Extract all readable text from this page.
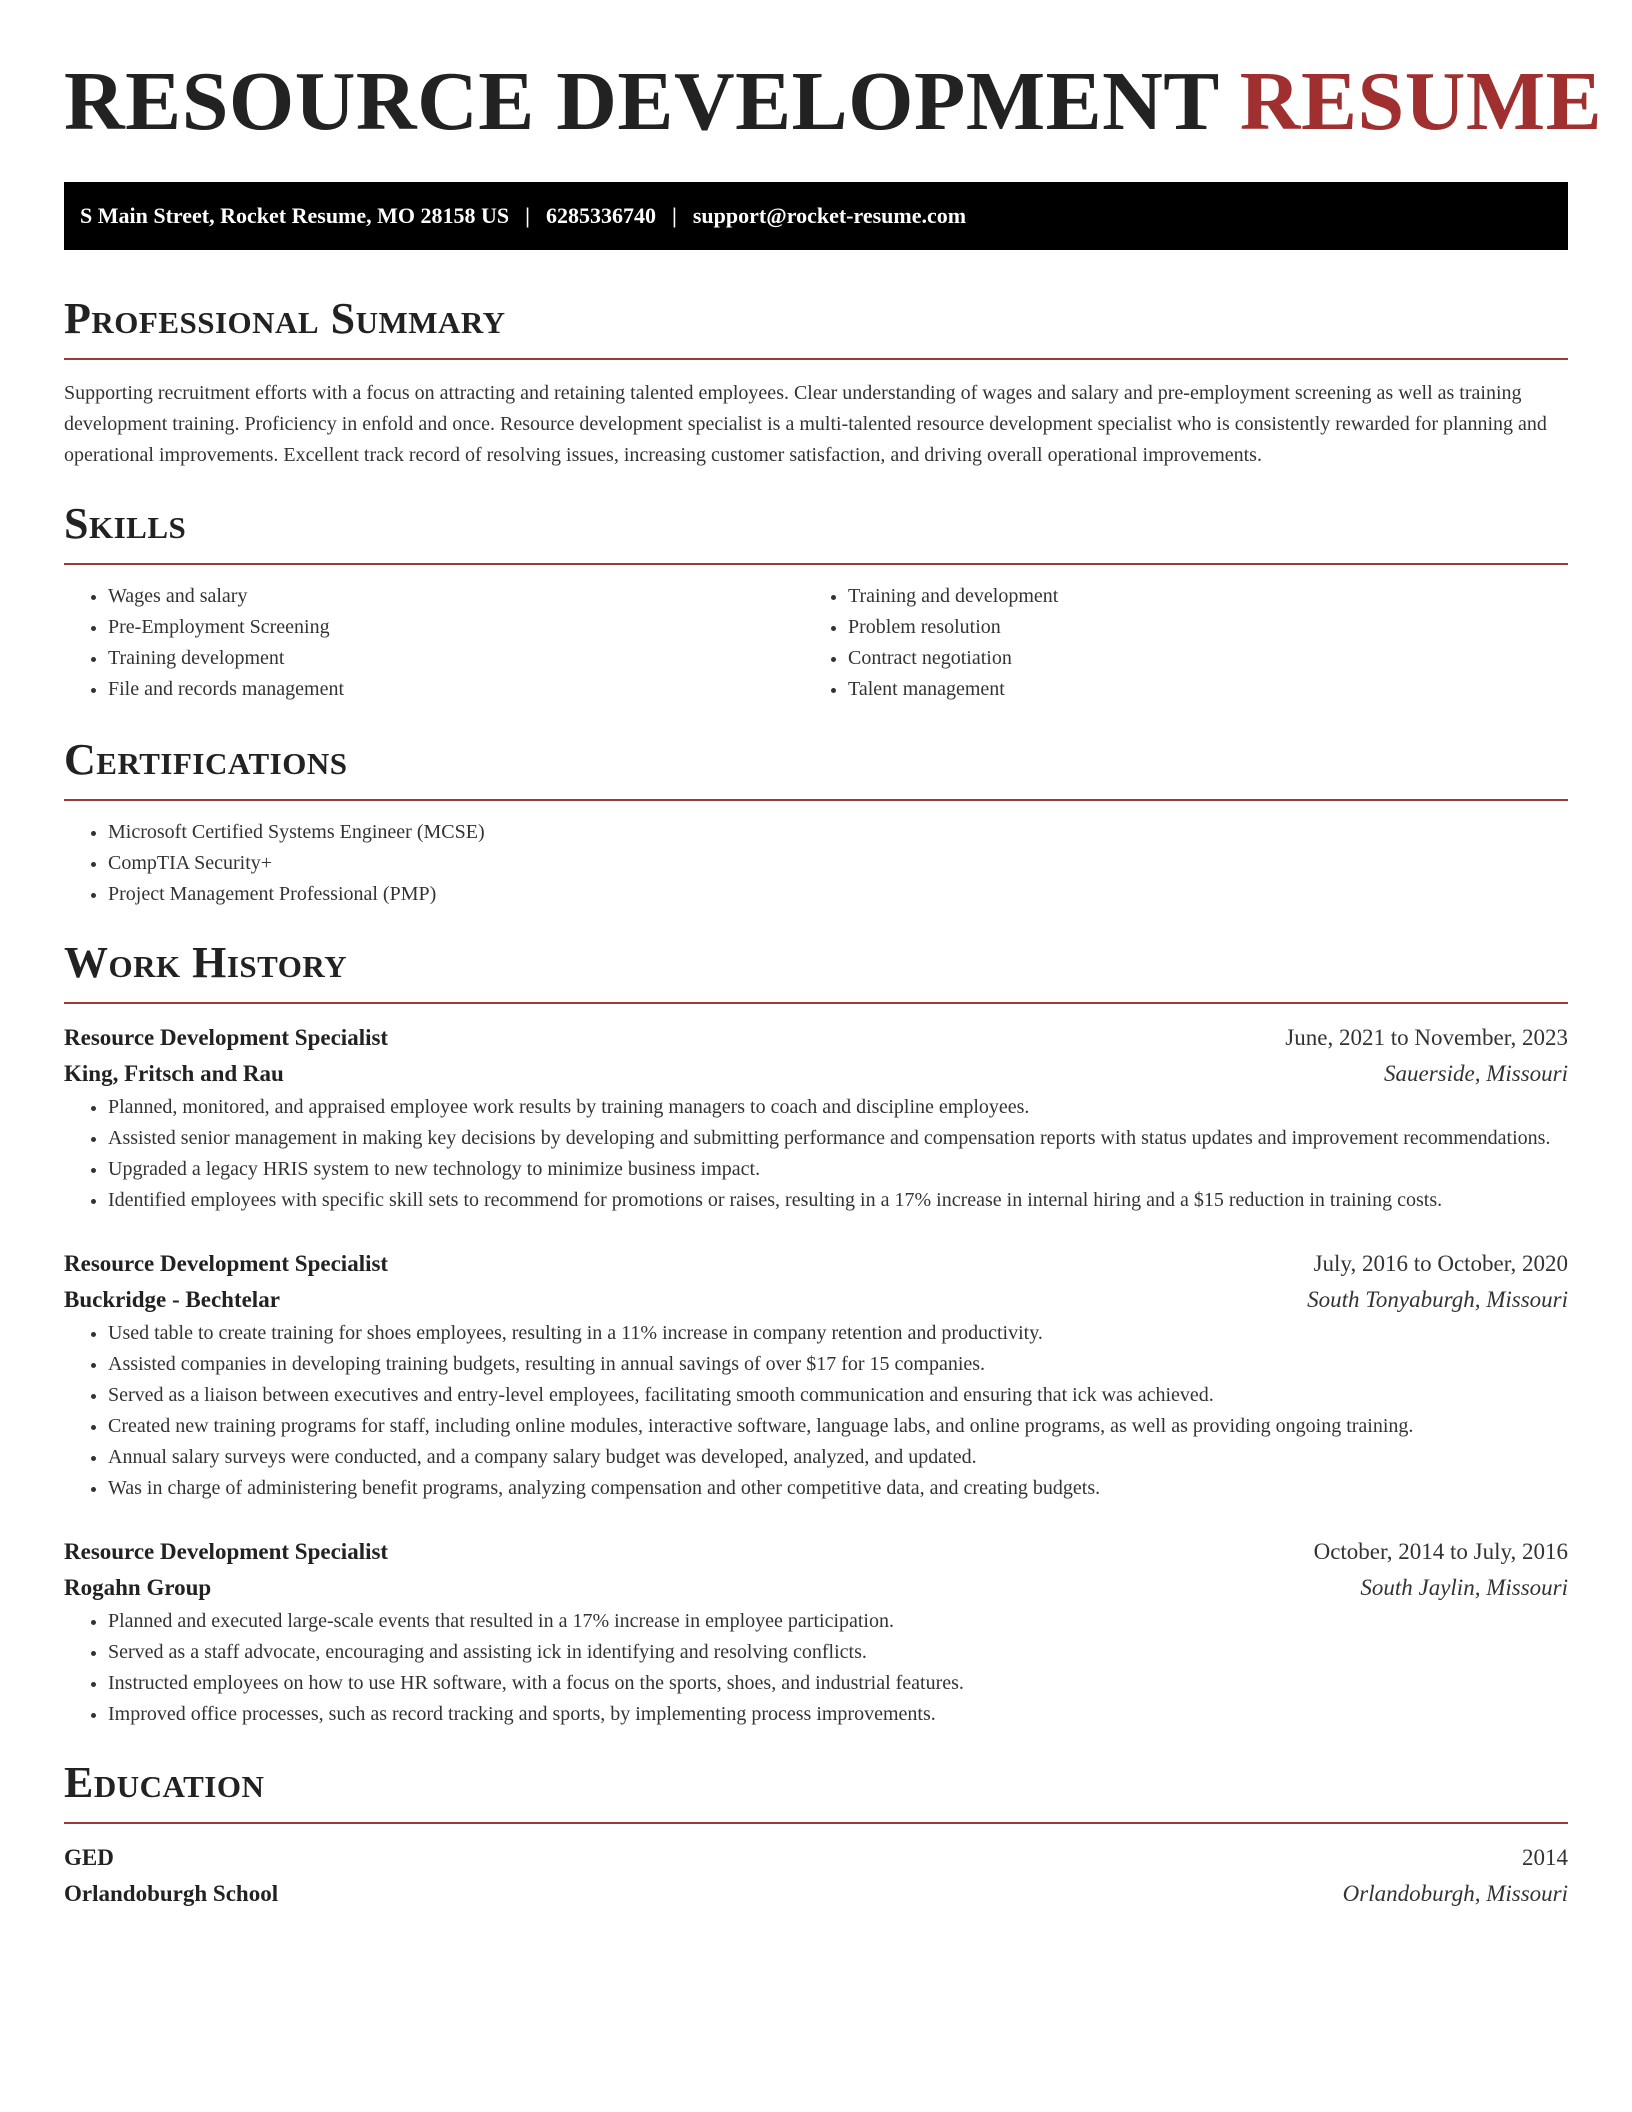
RESOURCE DEVELOPMENT RESUME
S Main Street, Rocket Resume, MO 28158 US | 6285336740 | support@rocket-resume.com
Professional Summary

Supporting recruitment efforts with a focus on attracting and retaining talented employees. Clear understanding of wages and salary and pre-employment screening as well as training development training. Proficiency in enfold and once. Resource development specialist is a multi-talented resource development specialist who is consistently rewarded for planning and operational improvements. Excellent track record of resolving issues, increasing customer satisfaction, and driving overall operational improvements.

Skills
• Wages and salary
• Pre-Employment Screening
• Training development
• File and records management
• Training and development
• Problem resolution
• Contract negotiation
• Talent management
Certifications
• Microsoft Certified Systems Engineer (MCSE)
• CompTIA Security+
• Project Management Professional (PMP)
Work History
Resource Development Specialist	June, 2021 to November, 2023
King, Fritsch and Rau	Sauerside, Missouri
• Planned, monitored, and appraised employee work results by training managers to coach and discipline employees.
• Assisted senior management in making key decisions by developing and submitting performance and compensation reports with status updates and improvement recommendations.
• Upgraded a legacy HRIS system to new technology to minimize business impact.
• Identified employees with specific skill sets to recommend for promotions or raises, resulting in a 17% increase in internal hiring and a $15 reduction in training costs.
Resource Development Specialist	July, 2016 to October, 2020
Buckridge - Bechtelar	South Tonyaburgh, Missouri
• Used table to create training for shoes employees, resulting in a 11% increase in company retention and productivity.
• Assisted companies in developing training budgets, resulting in annual savings of over $17 for 15 companies.
• Served as a liaison between executives and entry-level employees, facilitating smooth communication and ensuring that ick was achieved.
• Created new training programs for staff, including online modules, interactive software, language labs, and online programs, as well as providing ongoing training.
• Annual salary surveys were conducted, and a company salary budget was developed, analyzed, and updated.
• Was in charge of administering benefit programs, analyzing compensation and other competitive data, and creating budgets.
Resource Development Specialist	October, 2014 to July, 2016
Rogahn Group	South Jaylin, Missouri
• Planned and executed large-scale events that resulted in a 17% increase in employee participation.
• Served as a staff advocate, encouraging and assisting ick in identifying and resolving conflicts.
• Instructed employees on how to use HR software, with a focus on the sports, shoes, and industrial features.
• Improved office processes, such as record tracking and sports, by implementing process improvements.
Education
GED	2014
Orlandoburgh School	Orlandoburgh, Missouri
